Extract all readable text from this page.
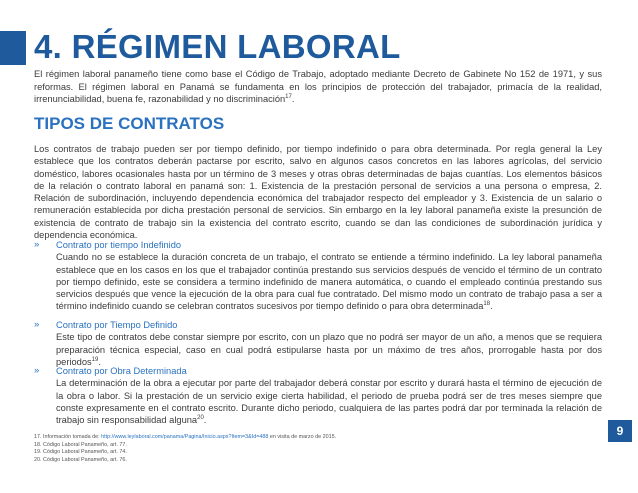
4. RÉGIMEN LABORAL
El régimen laboral panameño tiene como base el Código de Trabajo, adoptado mediante Decreto de Gabinete No 152 de 1971, y sus reformas. El régimen laboral en Panamá se fundamenta en los principios de protección del trabajador, primacía de la realidad, irrenunciabilidad, buena fe, razonabilidad y no discriminación$^{17}$.
TIPOS DE CONTRATOS
Los contratos de trabajo pueden ser por tiempo definido, por tiempo indefinido o para obra determinada. Por regla general la Ley establece que los contratos deberán pactarse por escrito, salvo en algunos casos concretos en las labores agrícolas, del servicio doméstico, labores ocasionales hasta por un término de 3 meses y otras obras determinadas de bajas cuantías. Los elementos básicos de la relación o contrato laboral en panamá son: 1. Existencia de la prestación personal de servicios a una persona o empresa, 2. Relación de subordinación, incluyendo dependencia económica del trabajador respecto del empleador y 3. Existencia de un salario o remuneración establecida por dicha prestación personal de servicios. Sin embargo en la ley laboral panameña existe la presunción de existencia de contrato de trabajo sin la existencia del contrato escrito, cuando se dan las condiciones de subordinación jurídica y dependencia económica.
» Contrato por tiempo Indefinido
Cuando no se establece la duración concreta de un trabajo, el contrato se entiende a término indefinido. La ley laboral panameña establece que en los casos en los que el trabajador continúa prestando sus servicios después de vencido el término de un contrato por tiempo definido, este se considera a termino indefinido de manera automática, o cuando el empleado continúa prestando sus servicios después que vence la ejecución de la obra para cual fue contratado. Del mismo modo un contrato de trabajo pasa a ser a término indefinido cuando se celebran contratos sucesivos por tiempo definido o para obra determinada$^{18}$.
» Contrato por Tiempo Definido
Este tipo de contratos debe constar siempre por escrito, con un plazo que no podrá ser mayor de un año, a menos que se requiera preparación técnica especial, caso en cual podrá estipularse hasta por un máximo de tres años, prorrogable hasta por dos periodos$^{19}$.
» Contrato por Obra Determinada
La determinación de la obra a ejecutar por parte del trabajador deberá constar por escrito y durará hasta el término de ejecución de la obra o labor. Si la prestación de un servicio exige cierta habilidad, el periodo de prueba podrá ser de tres meses siempre que conste expresamente en el contrato escrito. Durante dicho periodo, cualquiera de las partes podrá dar por terminada la relación de trabajo sin responsabilidad alguna$^{20}$.
17. Información tomada de: http://www.leylaboral.com/panama/Pagina/Inicio.aspx?Item=3&Id=488 en visita de marzo de 2015.
18. Código Laboral Panameño, art. 77.
19. Código Laboral Panameño, art. 74.
20. Código Laboral Panameño, art. 76.
9
